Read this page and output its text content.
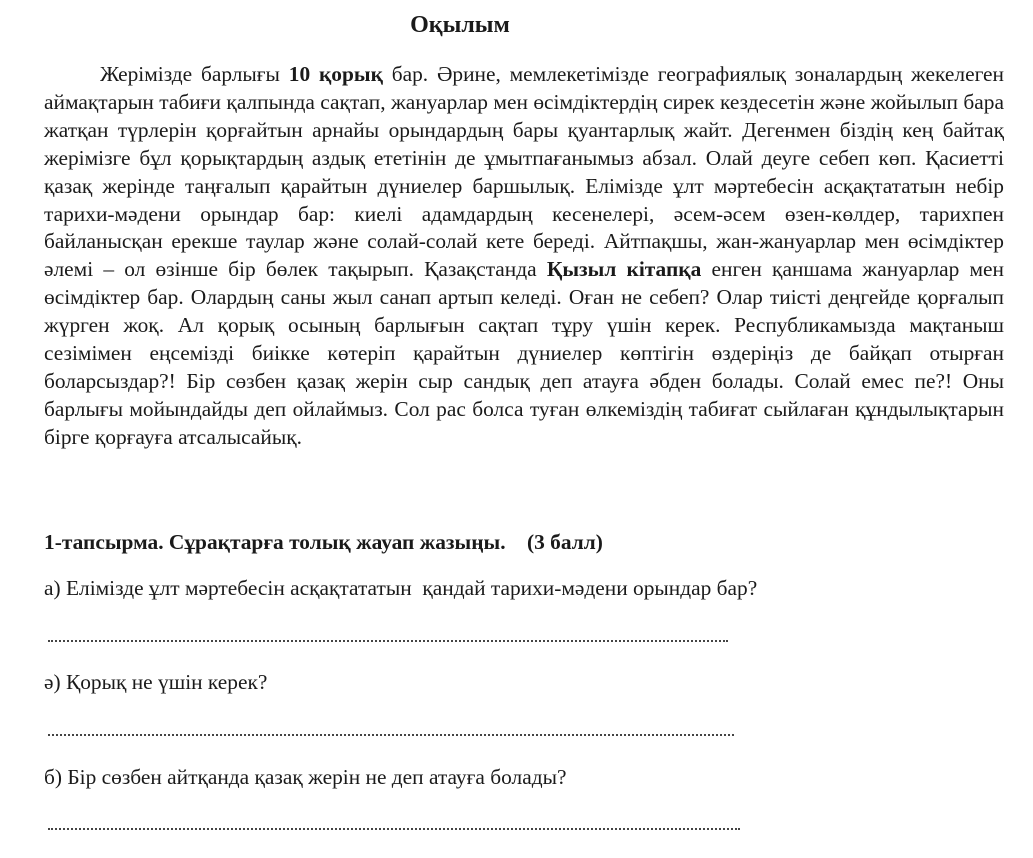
Оқылым

Жерімізде барлығы 10 қорық бар. Әрине, мемлекетімізде географиялық зоналардың жекелеген аймақтарын табиғи қалпында сақтап, жануарлар мен өсімдіктердің сирек кездесетін және жойылып бара жатқан түрлерін қорғайтын арнайы орындардың бары қуантарлық жайт. Дегенмен біздің кең байтақ жерімізге бұл қорықтардың аздық ететінін де ұмытпағанымыз абзал. Олай деуге себеп көп. Қасиетті қазақ жерінде таңғалып қарайтын дүниелер баршылық. Елімізде ұлт мәртебесін асқақтататын небір тарихи-мәдени орындар бар: киелі адамдардың кесенелері, әсем-әсем өзен-көлдер, тарихпен байланысқан ерекше таулар және солай-солай кете береді. Айтпақшы, жан-жануарлар мен өсімдіктер әлемі – ол өзінше бір бөлек тақырып. Қазақстанда Қызыл кітапқа енген қаншама жануарлар мен өсімдіктер бар. Олардың саны жыл санап артып келеді. Оған не себеп? Олар тиісті деңгейде қорғалып жүрген жоқ. Ал қорық осының барлығын сақтап тұру үшін керек. Республикамызда мақтаныш сезімімен еңсемізді биікке көтеріп қарайтын дүниелер көптігін өздеріңіз де байқап отырған боларсыздар?! Бір сөзбен қазақ жерін сыр сандық деп атауға әбден болады. Солай емес пе?! Оны барлығы мойындайды деп ойлаймыз. Сол рас болса туған өлкеміздің табиғат сыйлаған құндылықтарын бірге қорғауға атсалысайық.

1-тапсырма. Сұрақтарға толық жауап жазыңы.    (3 балл)
а) Елімізде ұлт мәртебесін асқақтататын  қандай тарихи-мәдени орындар бар?
ә) Қорық не үшін керек?
б) Бір сөзбен айтқанда қазақ жерін не деп атауға болады?
